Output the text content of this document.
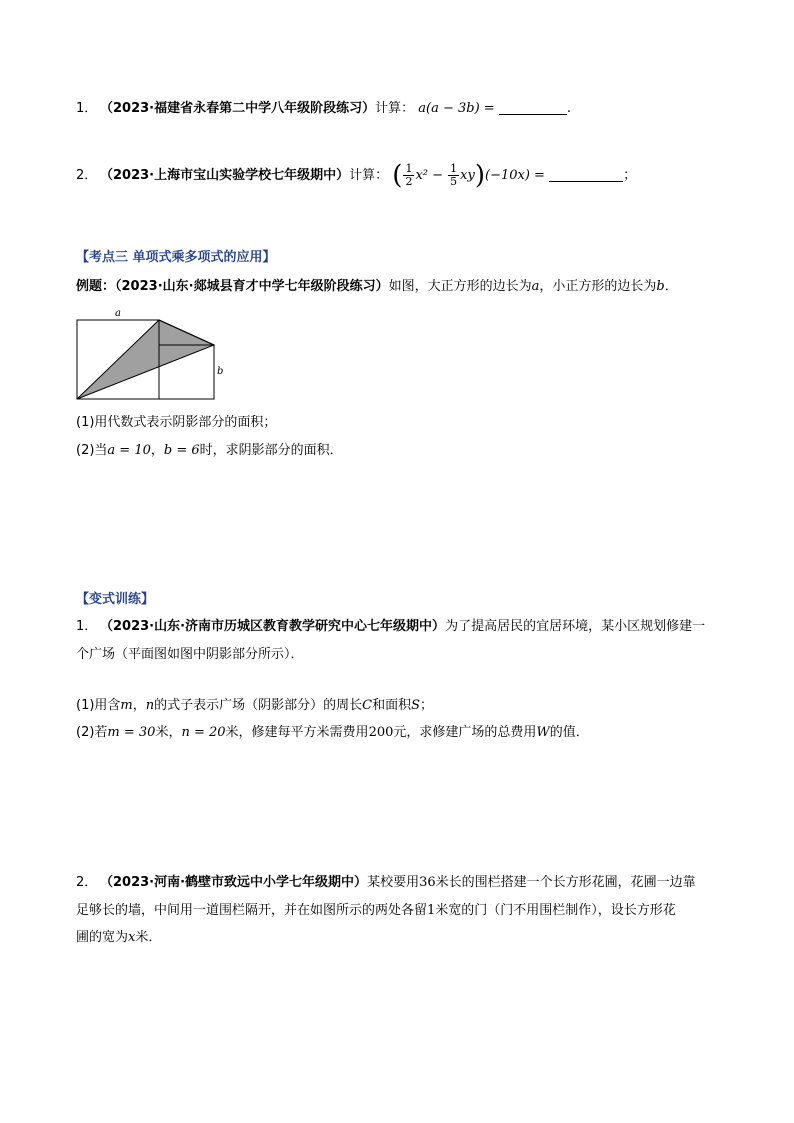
1． （2023·福建省永春第二中学八年级阶段练习）计算： a(a − 3b) =	.
2． （2023·上海市宝山实验学校七年级期中）计算： ( $\frac{1}{2} x^2 - \frac{1}{5} xy)(-10x)$ =	；
【考点三 单项式乘多项式的应用】
例题：（2023·山东·郯城县育才中学七年级阶段练习）如图，大正方形的边长为a，小正方形的边长为b．
a
b
(1)用代数式表示阴影部分的面积；
(2)当a = 10，b = 6时，求阴影部分的面积．
【变式训练】
1． （2023·山东·济南市历城区教育教学研究中心七年级期中）为了提高居民的宜居环境，某小区规划修建一
个广场（平面图如图中阴影部分所示）．
(1)用含m，n的式子表示广场（阴影部分）的周长C和面积S；
(2)若m = 30米，n = 20米，修建每平方米需费用200元，求修建广场的总费用W的值．
2． （2023·河南·鹤壁市致远中小学七年级期中）某校要用36米长的围栏搭建一个长方形花圃，花圃一边靠
足够长的墙，中间用一道围栏隔开，并在如图所示的两处各留1米宽的门（门不用围栏制作），设长方形花
圃的宽为x米．
